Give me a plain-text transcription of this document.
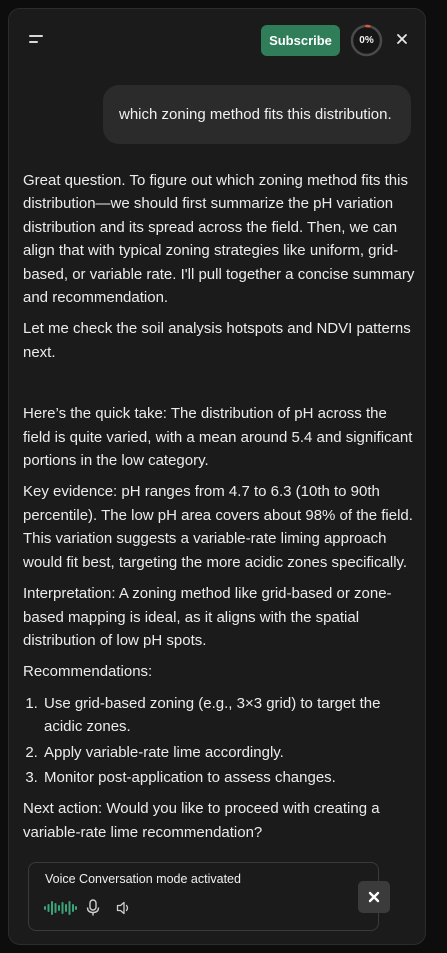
Subscribe	0%
which zoning method fits this distribution.

Great question. To figure out which zoning method fits this distribution—we should first summarize the pH variation distribution and its spread across the field. Then, we can align that with typical zoning strategies like uniform, grid-based, or variable rate. I'll pull together a concise summary and recommendation.

Let me check the soil analysis hotspots and NDVI patterns next.

Here’s the quick take: The distribution of pH across the field is quite varied, with a mean around 5.4 and significant portions in the low category.

Key evidence: pH ranges from 4.7 to 6.3 (10th to 90th percentile). The low pH area covers about 98% of the field. This variation suggests a variable-rate liming approach would fit best, targeting the more acidic zones specifically.

Interpretation: A zoning method like grid-based or zone-based mapping is ideal, as it aligns with the spatial distribution of low pH spots.

Recommendations:

1. Use grid-based zoning (e.g., 3×3 grid) to target the acidic zones.
2. Apply variable-rate lime accordingly.
3. Monitor post-application to assess changes.

Next action: Would you like to proceed with creating a variable-rate lime recommendation?

Voice Conversation mode activated
